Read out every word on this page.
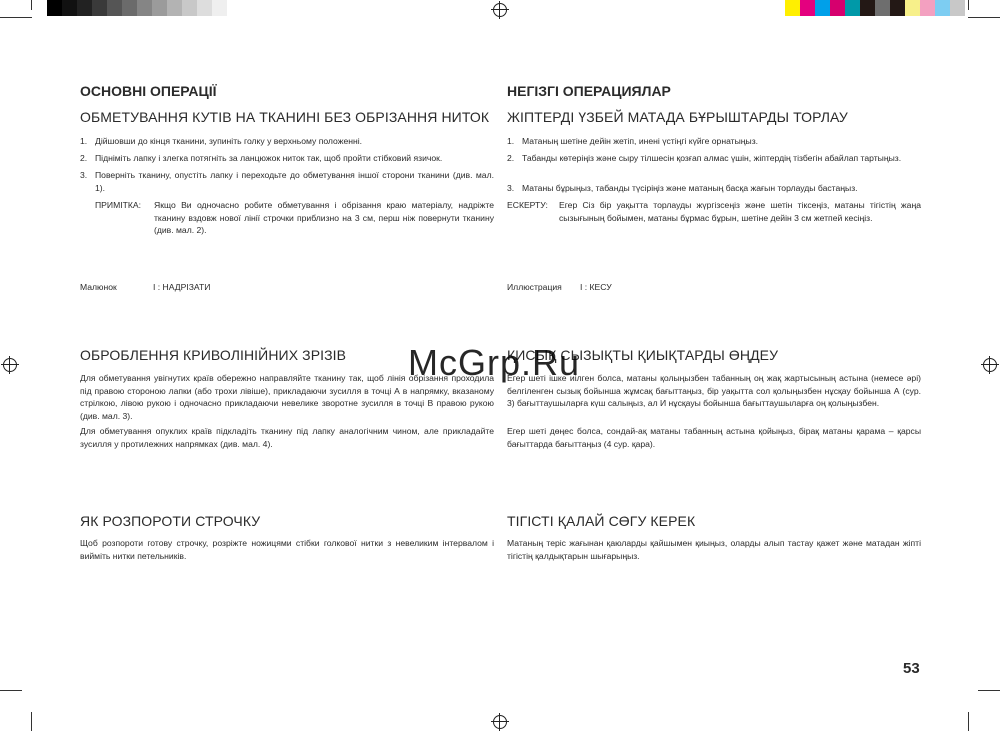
ОСНОВНІ ОПЕРАЦІЇ
ОБМЕТУВАННЯ КУТІВ НА ТКАНИНІ БЕЗ ОБРІЗАННЯ НИТОК
1. Дійшовши до кінця тканини, зупиніть голку у верхньому положенні.
2. Підніміть лапку і злегка потягніть за ланцюжок ниток так, щоб пройти стібковий язичок.
3. Поверніть тканину, опустіть лапку і переходьте до обметування іншої сторони тканини (див. мал. 1).
ПРИМІТКА: Якщо Ви одночасно робите обметування і обрізання краю матеріалу, надріжте тканину вздовж нової лінії строчки приблизно на 3 см, перш ніж повернути тканину (див. мал. 2).
Малюнок	I : НАДРІЗАТИ
ОБРОБЛЕННЯ КРИВОЛІНІЙНИХ ЗРІЗІВ

Для обметування увігнутих країв обережно направляйте тканину так, щоб лінія обрізання проходила під правою стороною лапки (або трохи лівіше), прикладаючи зусилля в точці А в напрямку, вказаному стрілкою, лівою рукою і одночасно прикладаючи невелике зворотне зусилля в точці В правою рукою (див. мал. 3).

Для обметування опуклих країв підкладіть тканину під лапку аналогічним чином, але прикладайте зусилля у протилежних напрямках (див. мал. 4).

ЯК РОЗПОРОТИ СТРОЧКУ

Щоб розпороти готову строчку, розріжте ножицями стібки голкової нитки з невеликим інтервалом і вийміть нитки петельників.

НЕГІЗГІ ОПЕРАЦИЯЛАР
ЖІПТЕРДІ ҮЗБЕЙ МАТАДА БҰРЫШТАРДЫ ТОРЛАУ
1. Матаның шетіне дейін жетіп, инені үстіңгі күйге орнатыңыз.
2. Табанды көтеріңіз және сыру тілшесін қозғап алмас үшін, жіптердің тізбегін абайлап тартыңыз.
3. Матаны бұрыңыз, табанды түсіріңіз және матаның басқа жағын торлауды бастаңыз.
ЕСКЕРТУ: Егер Сіз бір уақытта торлауды жүргізсеңіз және шетін тіксеңіз, матаны тігістің жаңа сызығының бойымен, матаны бұрмас бұрын, шетіне дейін 3 см жетпей кесіңіз.
Иллюстрация I : КЕСУ
ҚИСЫҚ СЫЗЫҚТЫ ҚИЫҚТАРДЫ ӨҢДЕУ

Егер шеті ішке иілген болса, матаны қолыңызбен табанның оң жақ жартысының астына (немесе әрі) белгіленген сызық бойынша жұмсақ бағыттаңыз, бір уақытта сол қолыңызбен нұсқау бойынша А (сур. 3) бағыттаушыларға күш салыңыз, ал И нұсқауы бойынша бағыттаушыларға оң қолыңызбен.

Егер шеті дөңес болса, сондай-ақ матаны табанның астына қойыңыз, бірақ матаны қарама – қарсы бағыттарда бағыттаңыз (4 сур. қара).

ТІГІСТІ ҚАЛАЙ СӨГУ КЕРЕК

Матаның теріс жағынан қаюларды қайшымен қиыңыз, оларды алып тастау қажет және матадан жіпті тігістің қалдықтарын шығарыңыз.

McGrp.Ru
53
